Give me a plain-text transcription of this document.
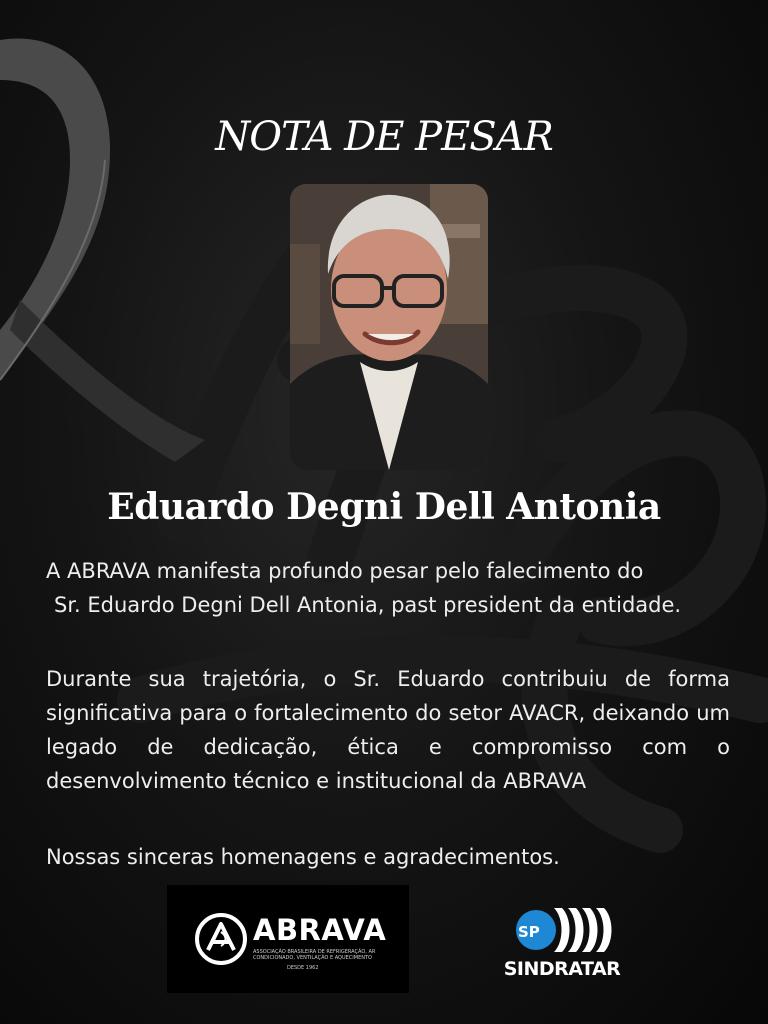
NOTA DE PESAR
Eduardo Degni Dell Antonia
A ABRAVA manifesta profundo pesar pelo falecimento do
Sr. Eduardo Degni Dell Antonia, past president da entidade.
Durante sua trajetória, o Sr. Eduardo contribuiu de forma significativa para o fortalecimento do setor AVACR, deixando um legado de dedicação, ética e compromisso com o desenvolvimento técnico e institucional da ABRAVA
Nossas sinceras homenagens e agradecimentos.
ABRAVA
ASSOCIAÇÃO BRASILEIRA DE REFRIGERAÇÃO, AR CONDICIONADO, VENTILAÇÃO E AQUECIMENTO
DESDE 1962
SP
SINDRATAR
